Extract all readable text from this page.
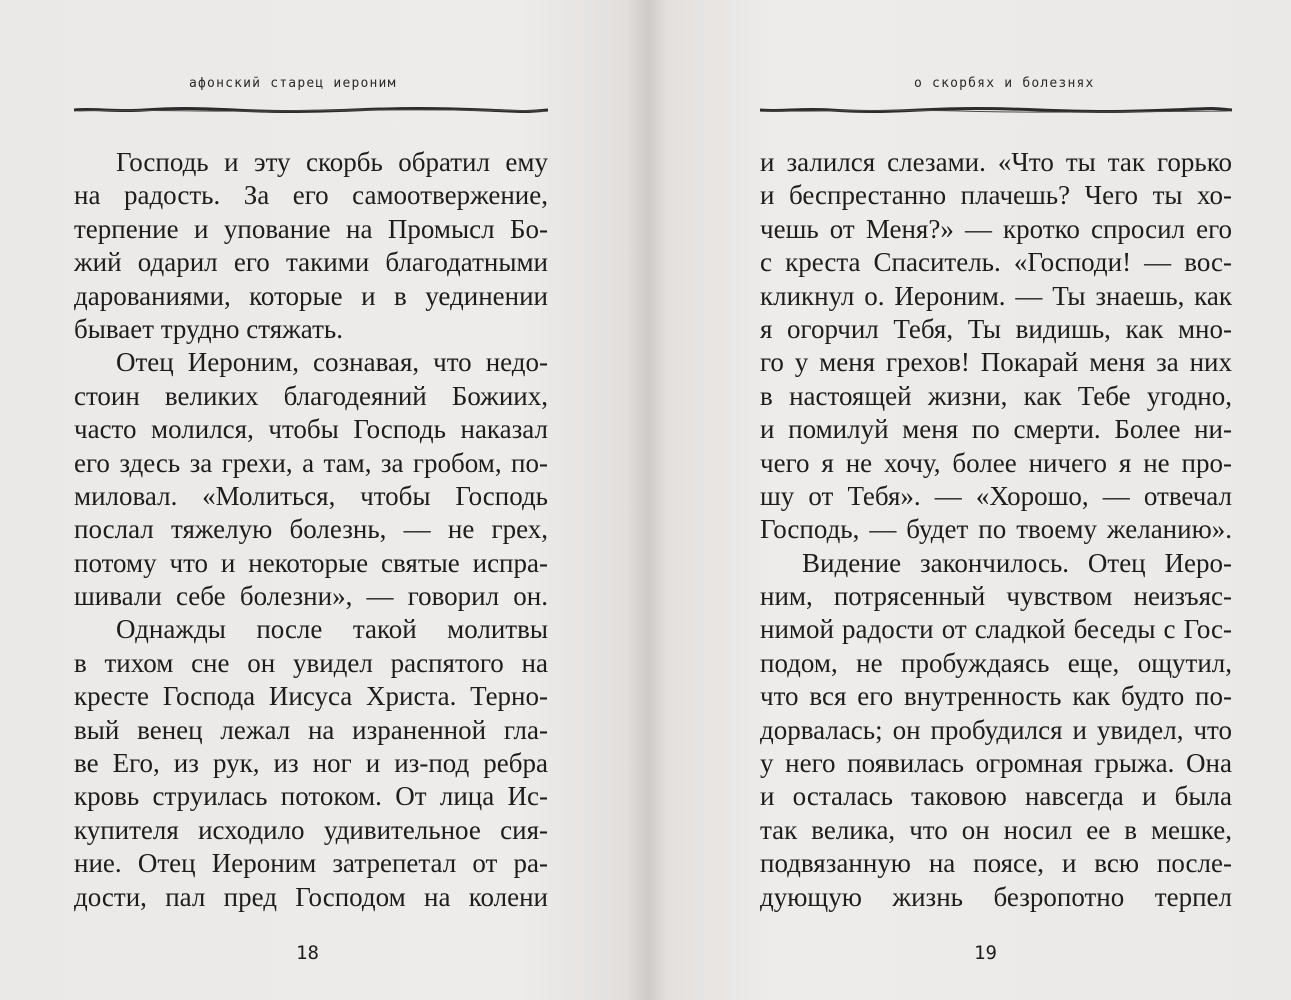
афонский старец иероним
Господь и эту скорбь обратил ему
на радость. За его самоотвержение,
терпение и упование на Промысл Бо-
жий одарил его такими благодатными
дарованиями, которые и в уединении
бывает трудно стяжать.
Отец Иероним, сознавая, что недо-
стоин великих благодеяний Божиих,
часто молился, чтобы Господь наказал
его здесь за грехи, а там, за гробом, по-
миловал. «Молиться, чтобы Господь
послал тяжелую болезнь, — не грех,
потому что и некоторые святые испра-
шивали себе болезни», — говорил он.
Однажды после такой молитвы
в тихом сне он увидел распятого на
кресте Господа Иисуса Христа. Терно-
вый венец лежал на израненной гла-
ве Его, из рук, из ног и из-под ребра
кровь струилась потоком. От лица Ис-
купителя исходило удивительное сия-
ние. Отец Иероним затрепетал от ра-
дости, пал пред Господом на колени
18
о скорбях и болезнях
и залился слезами. «Что ты так горько
и беспрестанно плачешь? Чего ты хо-
чешь от Меня?» — кротко спросил его
с креста Спаситель. «Господи! — вос-
кликнул о. Иероним. — Ты знаешь, как
я огорчил Тебя, Ты видишь, как мно-
го у меня грехов! Покарай меня за них
в настоящей жизни, как Тебе угодно,
и помилуй меня по смерти. Более ни-
чего я не хочу, более ничего я не про-
шу от Тебя». — «Хорошо, — отвечал
Господь, — будет по твоему желанию».
Видение закончилось. Отец Иеро-
ним, потрясенный чувством неизъяс-
нимой радости от сладкой беседы с Гос-
подом, не пробуждаясь еще, ощутил,
что вся его внутренность как будто по-
дорвалась; он пробудился и увидел, что
у него появилась огромная грыжа. Она
и осталась таковою навсегда и была
так велика, что он носил ее в мешке,
подвязанную на поясе, и всю после-
дующую жизнь безропотно терпел
19
